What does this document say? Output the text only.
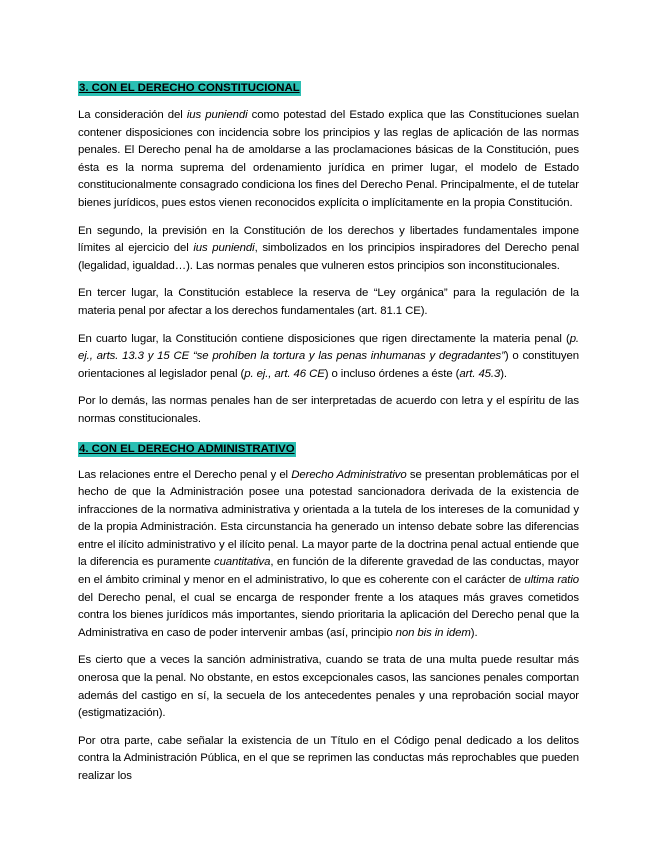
3. CON EL DERECHO CONSTITUCIONAL

La consideración del ius puniendi como potestad del Estado explica que las Constituciones suelan contener disposiciones con incidencia sobre los principios y las reglas de aplicación de las normas penales. El Derecho penal ha de amoldarse a las proclamaciones básicas de la Constitución, pues ésta es la norma suprema del ordenamiento jurídica en primer lugar, el modelo de Estado constitucionalmente consagrado condiciona los fines del Derecho Penal. Principalmente, el de tutelar bienes jurídicos, pues estos vienen reconocidos explícita o implícitamente en la propia Constitución.

En segundo, la previsión en la Constitución de los derechos y libertades fundamentales impone límites al ejercicio del ius puniendi, simbolizados en los principios inspiradores del Derecho penal (legalidad, igualdad…). Las normas penales que vulneren estos principios son inconstitucionales.

En tercer lugar, la Constitución establece la reserva de “Ley orgánica” para la regulación de la materia penal por afectar a los derechos fundamentales (art. 81.1 CE).

En cuarto lugar, la Constitución contiene disposiciones que rigen directamente la materia penal (p. ej., arts. 13.3 y 15 CE “se prohíben la tortura y las penas inhumanas y degradantes”) o constituyen orientaciones al legislador penal (p. ej., art. 46 CE) o incluso órdenes a éste (art. 45.3).

Por lo demás, las normas penales han de ser interpretadas de acuerdo con letra y el espíritu de las normas constitucionales.

4. CON EL DERECHO ADMINISTRATIVO

Las relaciones entre el Derecho penal y el Derecho Administrativo se presentan problemáticas por el hecho de que la Administración posee una potestad sancionadora derivada de la existencia de infracciones de la normativa administrativa y orientada a la tutela de los intereses de la comunidad y de la propia Administración. Esta circunstancia ha generado un intenso debate sobre las diferencias entre el ilícito administrativo y el ilícito penal. La mayor parte de la doctrina penal actual entiende que la diferencia es puramente cuantitativa, en función de la diferente gravedad de las conductas, mayor en el ámbito criminal y menor en el administrativo, lo que es coherente con el carácter de ultima ratio del Derecho penal, el cual se encarga de responder frente a los ataques más graves cometidos contra los bienes jurídicos más importantes, siendo prioritaria la aplicación del Derecho penal que la Administrativa en caso de poder intervenir ambas (así, principio non bis in idem).

Es cierto que a veces la sanción administrativa, cuando se trata de una multa puede resultar más onerosa que la penal. No obstante, en estos excepcionales casos, las sanciones penales comportan además del castigo en sí, la secuela de los antecedentes penales y una reprobación social mayor (estigmatización).

Por otra parte, cabe señalar la existencia de un Título en el Código penal dedicado a los delitos contra la Administración Pública, en el que se reprimen las conductas más reprochables que pueden realizar los
